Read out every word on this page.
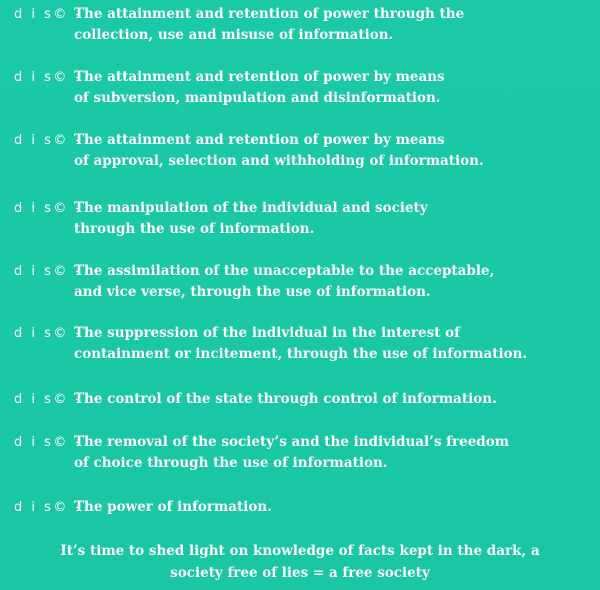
d i s© -The attainment and retention of power through the
collection, use and misuse of information.
d i s© -The attainment and retention of power by means
of subversion, manipulation and disinformation.
d i s© -The attainment and retention of power by means
of approval, selection and withholding of information.
d i s© -The manipulation of the individual and society
through the use of information.
d i s© -The assimilation of the unacceptable to the acceptable,
and vice verse, through the use of information.
d i s© -The suppression of the individual in the interest of
containment or incitement, through the use of information.
d i s© -The control of the state through control of information.
d i s© -The removal of the society’s and the individual’s freedom
of choice through the use of information.
d i s© -The power of information.
It’s time to shed light on knowledge of facts kept in the dark, a
society free of lies = a free society
